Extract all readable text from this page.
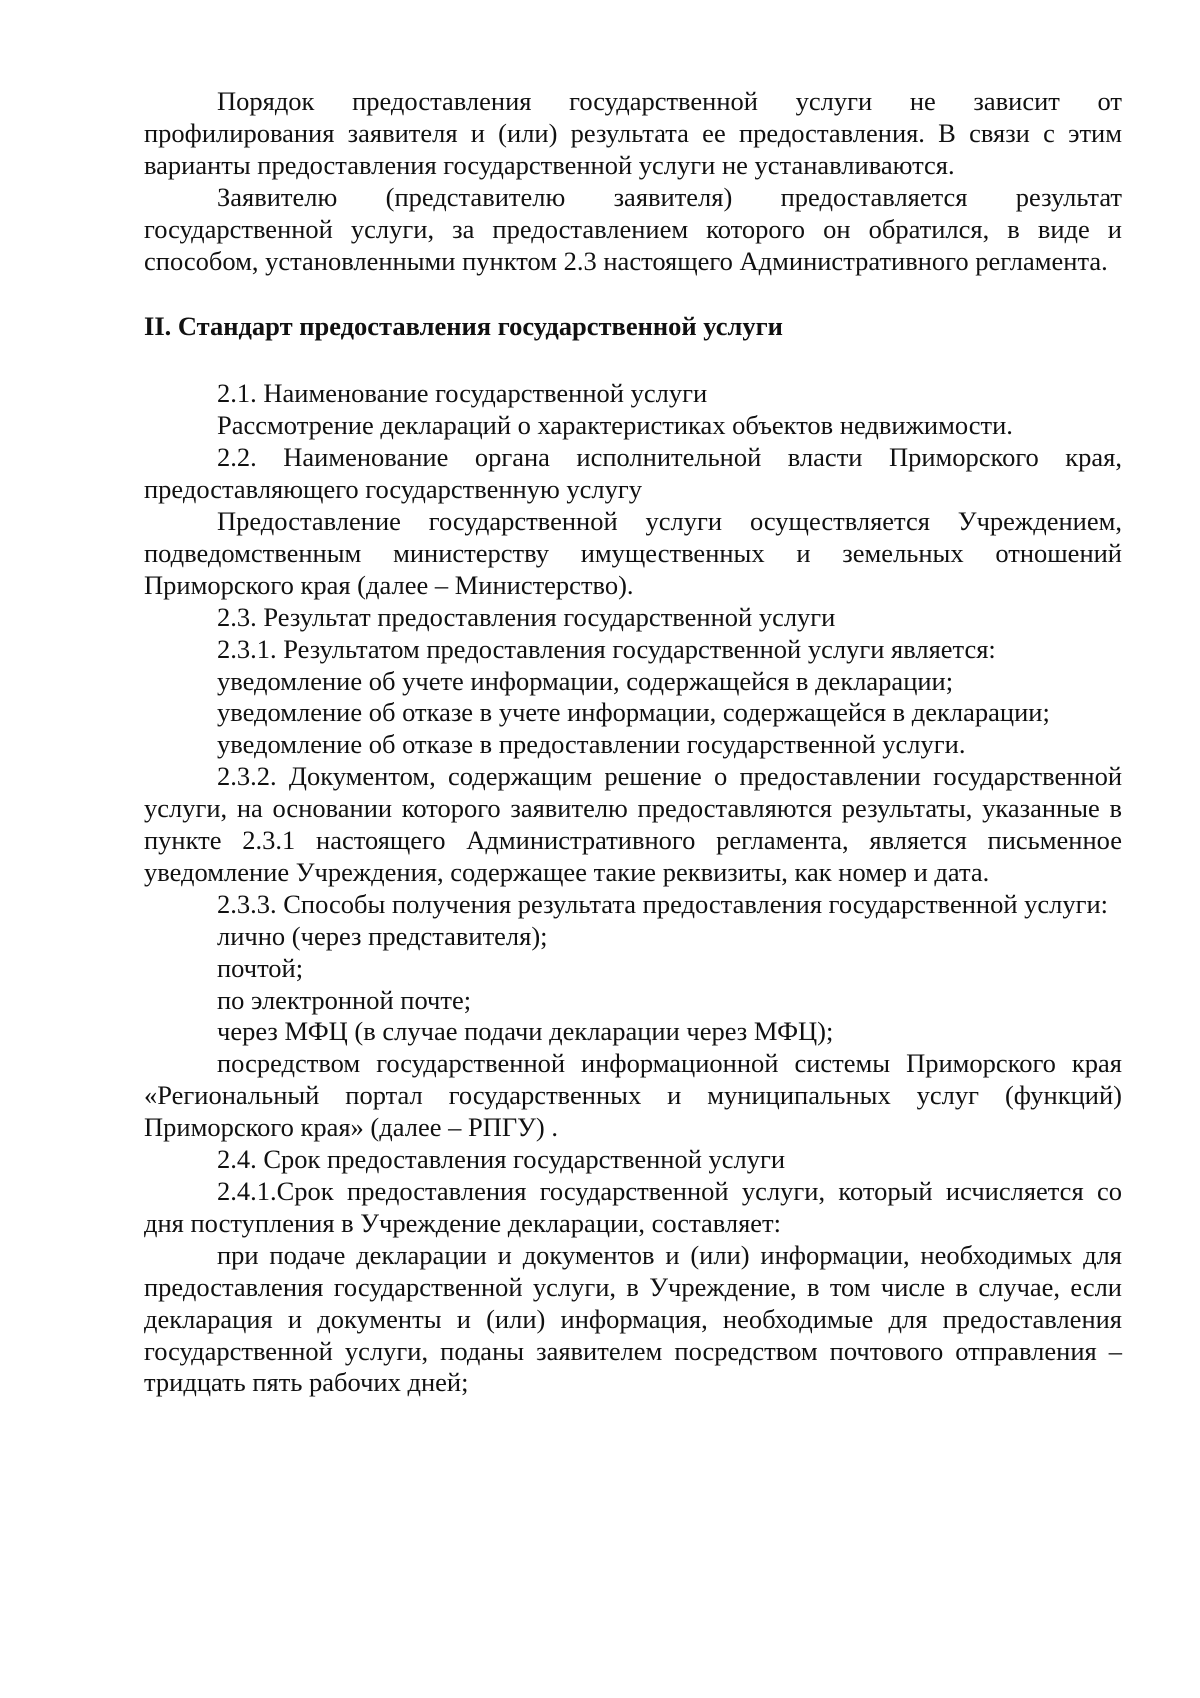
Порядок предоставления государственной услуги не зависит от профилирования заявителя и (или) результата ее предоставления. В связи с этим варианты предоставления государственной услуги не устанавливаются.

Заявителю (представителю заявителя) предоставляется результат государственной услуги, за предоставлением которого он обратился, в виде и способом, установленными пунктом 2.3 настоящего Административного регламента.

II. Стандарт предоставления государственной услуги

2.1. Наименование государственной услуги

Рассмотрение деклараций о характеристиках объектов недвижимости.

2.2. Наименование органа исполнительной власти Приморского края, предоставляющего государственную услугу

Предоставление государственной услуги осуществляется Учреждением, подведомственным министерству имущественных и земельных отношений Приморского края (далее – Министерство).

2.3. Результат предоставления государственной услуги

2.3.1. Результатом предоставления государственной услуги является:

уведомление об учете информации, содержащейся в декларации;

уведомление об отказе в учете информации, содержащейся в декларации;

уведомление об отказе в предоставлении государственной услуги.

2.3.2. Документом, содержащим решение о предоставлении государственной услуги, на основании которого заявителю предоставляются результаты, указанные в пункте 2.3.1 настоящего Административного регламента, является письменное уведомление Учреждения, содержащее такие реквизиты, как номер и дата.

2.3.3. Способы получения результата предоставления государственной услуги:

лично (через представителя);

почтой;

по электронной почте;

через МФЦ (в случае подачи декларации через МФЦ);

посредством государственной информационной системы Приморского края «Региональный портал государственных и муниципальных услуг (функций) Приморского края» (далее – РПГУ) .

2.4. Срок предоставления государственной услуги

2.4.1.Срок предоставления государственной услуги, который исчисляется со дня поступления в Учреждение декларации, составляет:

при подаче декларации и документов и (или) информации, необходимых для предоставления государственной услуги, в Учреждение, в том числе в случае, если декларация и документы и (или) информация, необходимые для предоставления государственной услуги, поданы заявителем посредством почтового отправления – тридцать пять рабочих дней;
